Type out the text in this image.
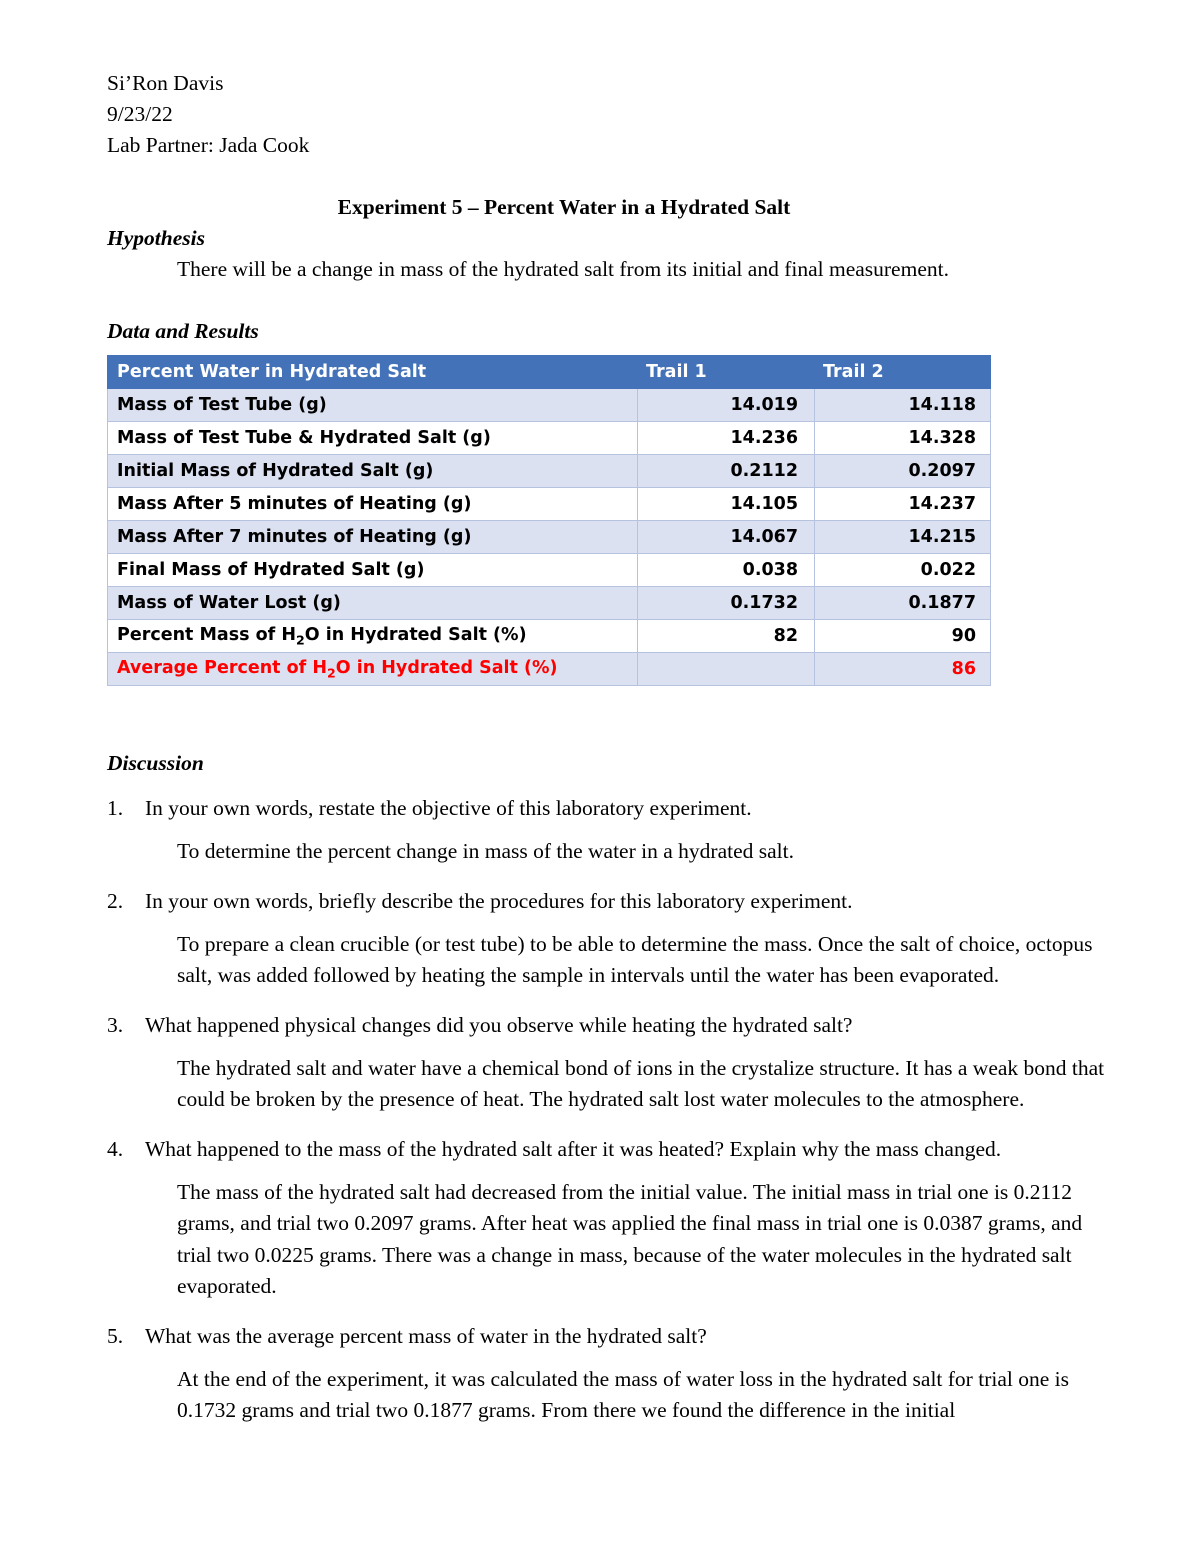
Si’Ron Davis
9/23/22
Lab Partner: Jada Cook
Experiment 5 – Percent Water in a Hydrated Salt
Hypothesis
There will be a change in mass of the hydrated salt from its initial and final measurement.
Data and Results
Percent Water in Hydrated Salt	Trail 1	Trail 2
Mass of Test Tube (g)	14.019	14.118
Mass of Test Tube & Hydrated Salt (g)	14.236	14.328
Initial Mass of Hydrated Salt (g)	0.2112	0.2097
Mass After 5 minutes of Heating (g)	14.105	14.237
Mass After 7 minutes of Heating (g)	14.067	14.215
Final Mass of Hydrated Salt (g)	0.038	0.022
Mass of Water Lost (g)	0.1732	0.1877
Percent Mass of $H_2O$ in Hydrated Salt (%)	82	90
Average Percent of $H_2O$ in Hydrated Salt (%)		86
Discussion
1.	In your own words, restate the objective of this laboratory experiment.
To determine the percent change in mass of the water in a hydrated salt.
2.	In your own words, briefly describe the procedures for this laboratory experiment.
To prepare a clean crucible (or test tube) to be able to determine the mass. Once the salt of choice, octopus salt, was added followed by heating the sample in intervals until the water has been evaporated.
3.	What happened physical changes did you observe while heating the hydrated salt?
The hydrated salt and water have a chemical bond of ions in the crystalize structure. It has a weak bond that could be broken by the presence of heat. The hydrated salt lost water molecules to the atmosphere.
4.	What happened to the mass of the hydrated salt after it was heated? Explain why the mass changed.
The mass of the hydrated salt had decreased from the initial value. The initial mass in trial one is 0.2112 grams, and trial two 0.2097 grams. After heat was applied the final mass in trial one is 0.0387 grams, and trial two 0.0225 grams. There was a change in mass, because of the water molecules in the hydrated salt evaporated.
5.	What was the average percent mass of water in the hydrated salt?
At the end of the experiment, it was calculated the mass of water loss in the hydrated salt for trial one is 0.1732 grams and trial two 0.1877 grams. From there we found the difference in the initial
